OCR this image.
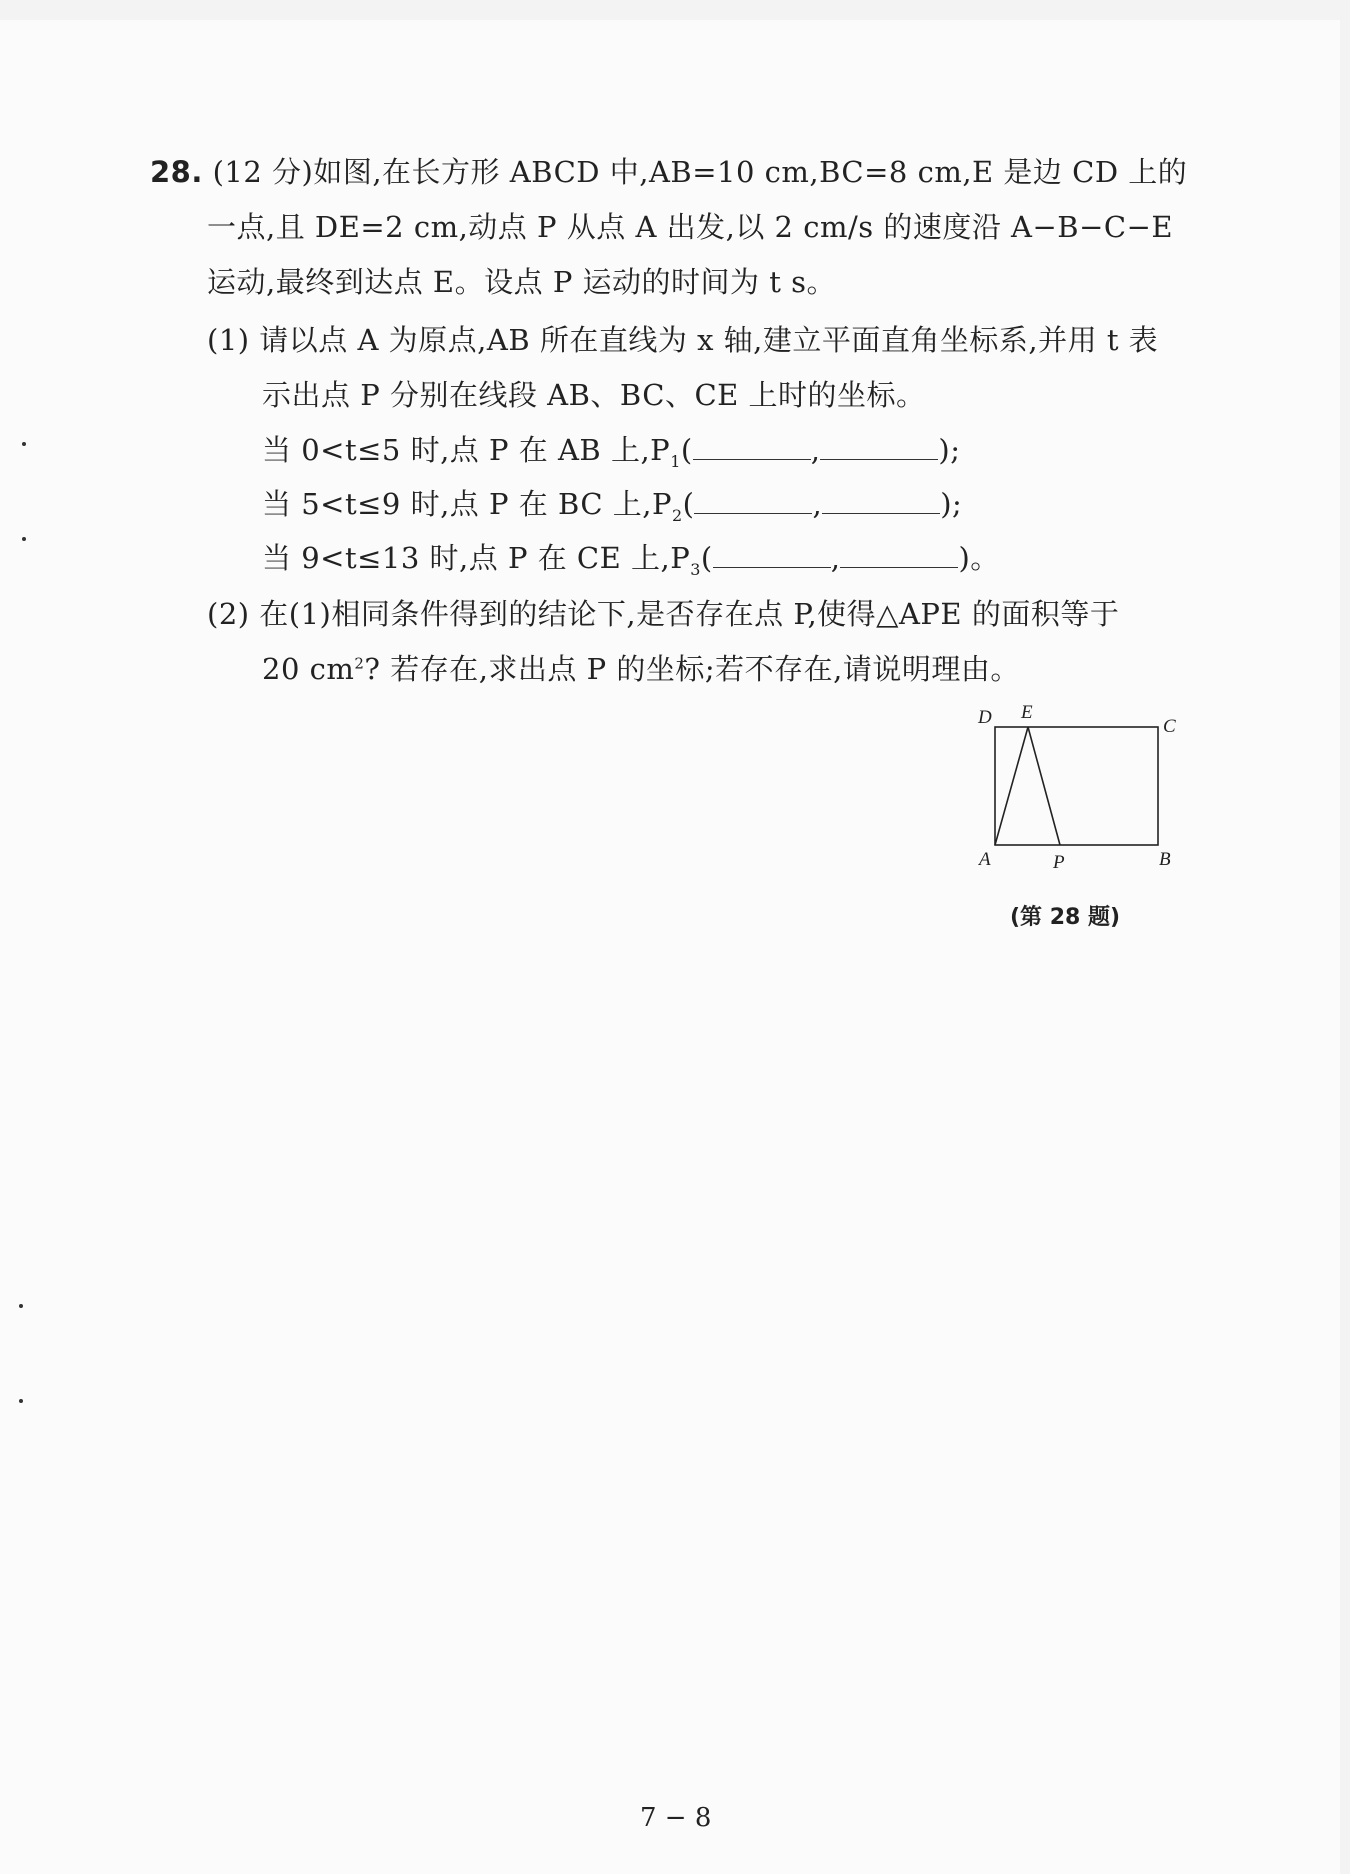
28. (12 分)如图,在长方形 ABCD 中,AB=10 cm,BC=8 cm,E 是边 CD 上的
一点,且 DE=2 cm,动点 P 从点 A 出发,以 2 cm/s 的速度沿 A−B−C−E
运动,最终到达点 E。设点 P 运动的时间为 t s。
(1) 请以点 A 为原点,AB 所在直线为 x 轴,建立平面直角坐标系,并用 t 表
示出点 P 分别在线段 AB、BC、CE 上时的坐标。
当 0<t≤5 时,点 P 在 AB 上$,P_1$(	,	);
当 5<t≤9 时,点 P 在 BC 上$,P_2$(	,	);
当 9<t≤13 时,点 P 在 CE 上$,P_3$(	,	)。
(2) 在(1)相同条件得到的结论下,是否存在点 P,使得△APE 的面积等于
20 $cm^2$? 若存在,求出点 P 的坐标;若不存在,请说明理由。
D E
C
A	P	B
(第 28 题)
7 − 8
